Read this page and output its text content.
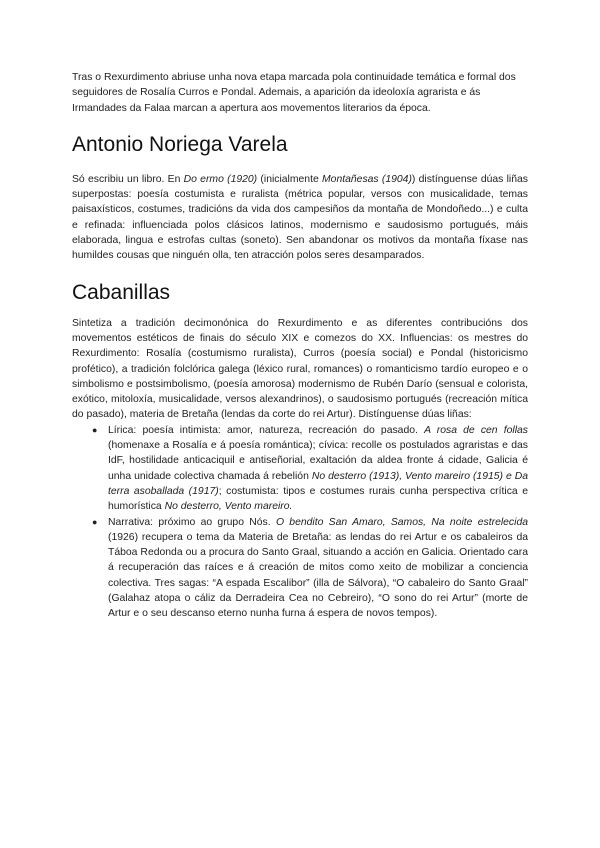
Tras o Rexurdimento abriuse unha nova etapa marcada pola continuidade temática e formal dos seguidores de Rosalía Curros e Pondal. Ademais, a aparición da ideoloxía agrarista e ás Irmandades da Falaa marcan a apertura aos movementos literarios da época.

Antonio Noriega Varela

Só escribiu un libro. En Do ermo (1920) (inicialmente Montañesas (1904)) distínguense dúas liñas superpostas: poesía costumista e ruralista (métrica popular, versos con musicalidade, temas paisaxísticos, costumes, tradicións da vida dos campesiños da montaña de Mondoñedo...) e culta e refinada: influenciada polos clásicos latinos, modernismo e saudosismo portugués, máis elaborada, lingua e estrofas cultas (soneto). Sen abandonar os motivos da montaña fíxase nas humildes cousas que ninguén olla, ten atracción polos seres desamparados.

Cabanillas

Sintetiza a tradición decimonónica do Rexurdimento e as diferentes contribucións dos movementos estéticos de finais do século XIX e comezos do XX. Influencias: os mestres do Rexurdimento: Rosalía (costumismo ruralista), Curros (poesía social) e Pondal (historicismo profético), a tradición folclórica galega (léxico rural, romances) o romanticismo tardío europeo e o simbolismo e postsimbolismo, (poesía amorosa) modernismo de Rubén Darío (sensual e colorista, exótico, mitoloxía, musicalidade, versos alexandrinos), o saudosismo portugués (recreación mítica do pasado), materia de Bretaña (lendas da corte do rei Artur). Distínguense dúas liñas:

● Lírica: poesía intimista: amor, natureza, recreación do pasado. A rosa de cen follas (homenaxe a Rosalía e á poesía romántica); cívica: recolle os postulados agraristas e das IdF, hostilidade anticaciquil e antiseñorial, exaltación da aldea fronte á cidade, Galicia é unha unidade colectiva chamada á rebelión No desterro (1913), Vento mareiro (1915) e Da terra asoballada (1917); costumista: tipos e costumes rurais cunha perspectiva crítica e humorística No desterro, Vento mareiro.
● Narrativa: próximo ao grupo Nós. O bendito San Amaro, Samos, Na noite estrelecida (1926) recupera o tema da Materia de Bretaña: as lendas do rei Artur e os cabaleiros da Táboa Redonda ou a procura do Santo Graal, situando a acción en Galicia. Orientado cara á recuperación das raíces e á creación de mitos como xeito de mobilizar a conciencia colectiva. Tres sagas: “A espada Escalibor” (illa de Sálvora), “O cabaleiro do Santo Graal” (Galahaz atopa o cáliz da Derradeira Cea no Cebreiro), “O sono do rei Artur” (morte de Artur e o seu descanso eterno nunha furna á espera de novos tempos).
